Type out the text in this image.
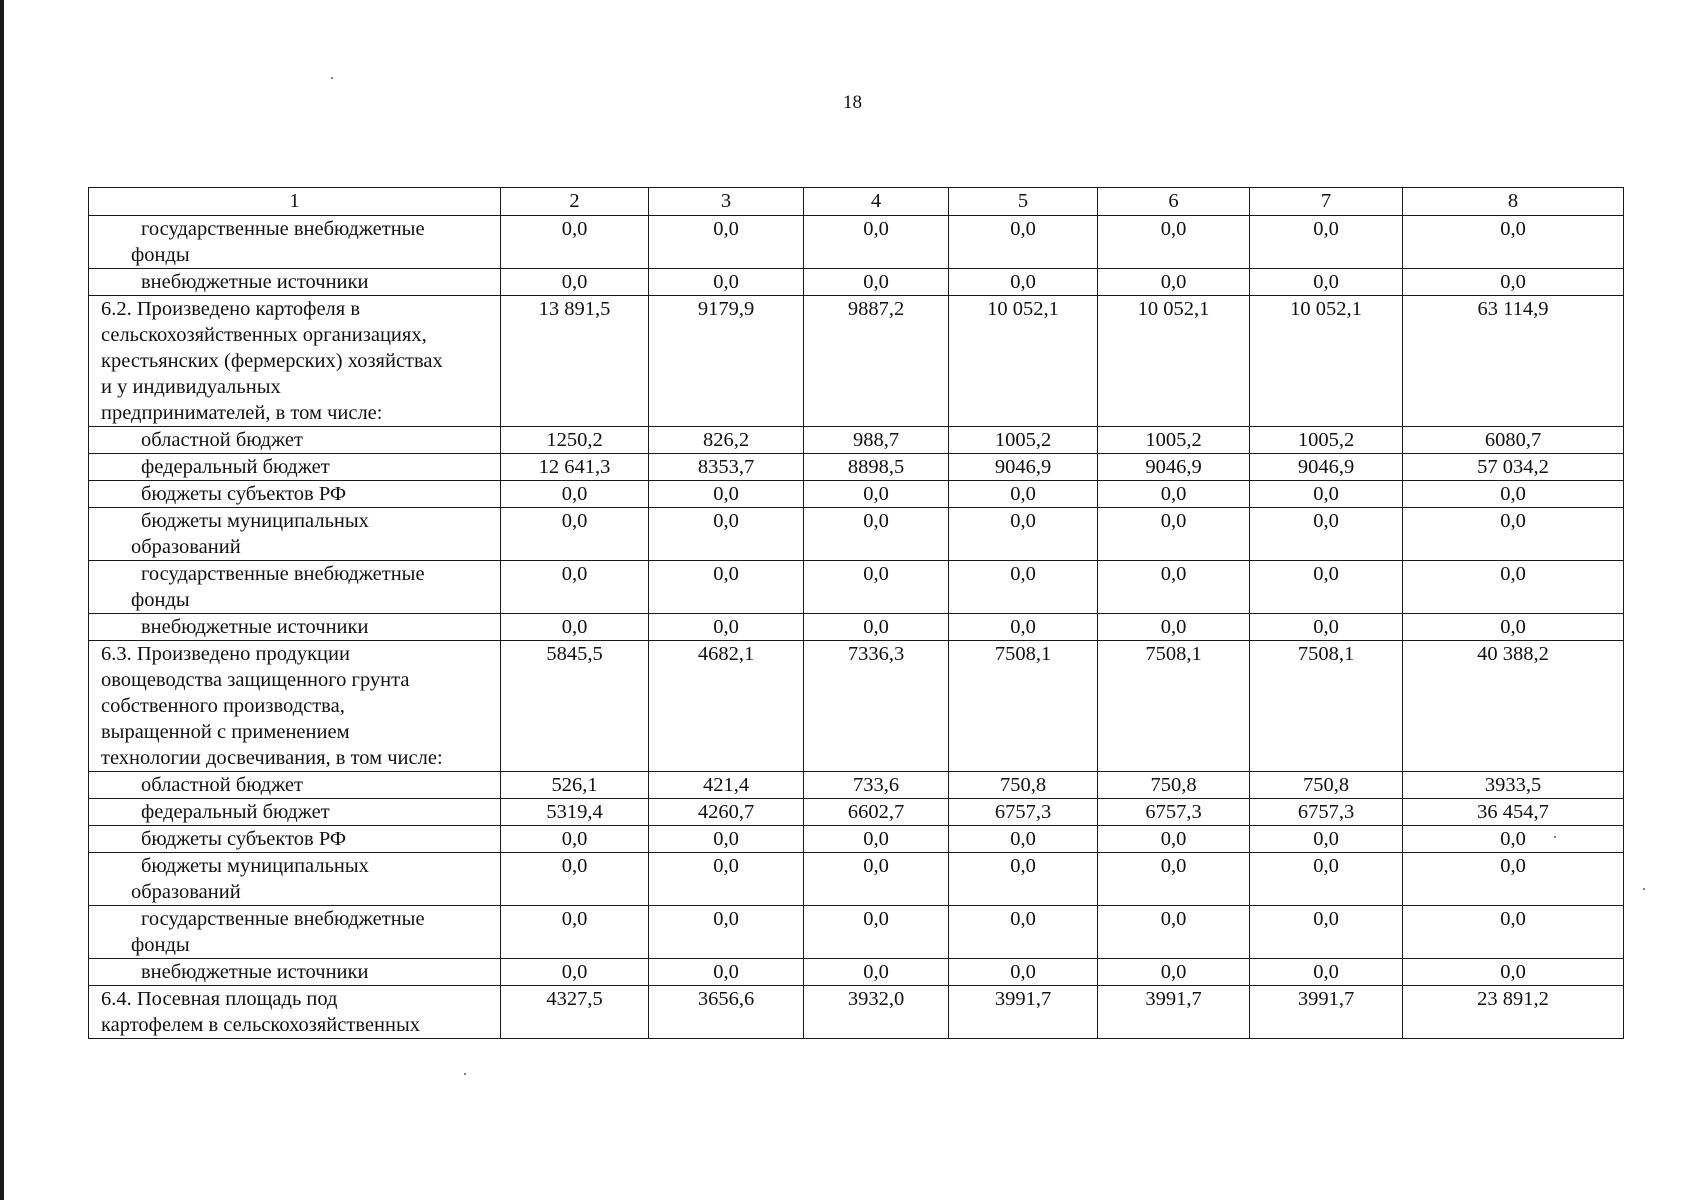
18
1	2	3	4	5	6	7	8

государственные внебюджетные
фонды	0,0	0,0	0,0	0,0	0,0	0,0	0,0

внебюджетные источники	0,0	0,0	0,0	0,0	0,0	0,0	0,0

6.2. Произведено картофеля в
сельскохозяйственных организациях,
крестьянских (фермерских) хозяйствах
и у индивидуальных
предпринимателей, в том числе:	13 891,5	9179,9	9887,2	10 052,1	10 052,1	10 052,1	63 114,9

областной бюджет	1250,2	826,2	988,7	1005,2	1005,2	1005,2	6080,7

федеральный бюджет	12 641,3	8353,7	8898,5	9046,9	9046,9	9046,9	57 034,2

бюджеты субъектов РФ	0,0	0,0	0,0	0,0	0,0	0,0	0,0

бюджеты муниципальных
образований	0,0	0,0	0,0	0,0	0,0	0,0	0,0

государственные внебюджетные
фонды	0,0	0,0	0,0	0,0	0,0	0,0	0,0

внебюджетные источники	0,0	0,0	0,0	0,0	0,0	0,0	0,0

6.3. Произведено продукции
овощеводства защищенного грунта
собственного производства,
выращенной с применением
технологии досвечивания, в том числе:	5845,5	4682,1	7336,3	7508,1	7508,1	7508,1	40 388,2

областной бюджет	526,1	421,4	733,6	750,8	750,8	750,8	3933,5

федеральный бюджет	5319,4	4260,7	6602,7	6757,3	6757,3	6757,3	36 454,7

бюджеты субъектов РФ	0,0	0,0	0,0	0,0	0,0	0,0	0,0

бюджеты муниципальных
образований	0,0	0,0	0,0	0,0	0,0	0,0	0,0

государственные внебюджетные
фонды	0,0	0,0	0,0	0,0	0,0	0,0	0,0

внебюджетные источники	0,0	0,0	0,0	0,0	0,0	0,0	0,0

6.4. Посевная площадь под
картофелем в сельскохозяйственных	4327,5	3656,6	3932,0	3991,7	3991,7	3991,7	23 891,2
